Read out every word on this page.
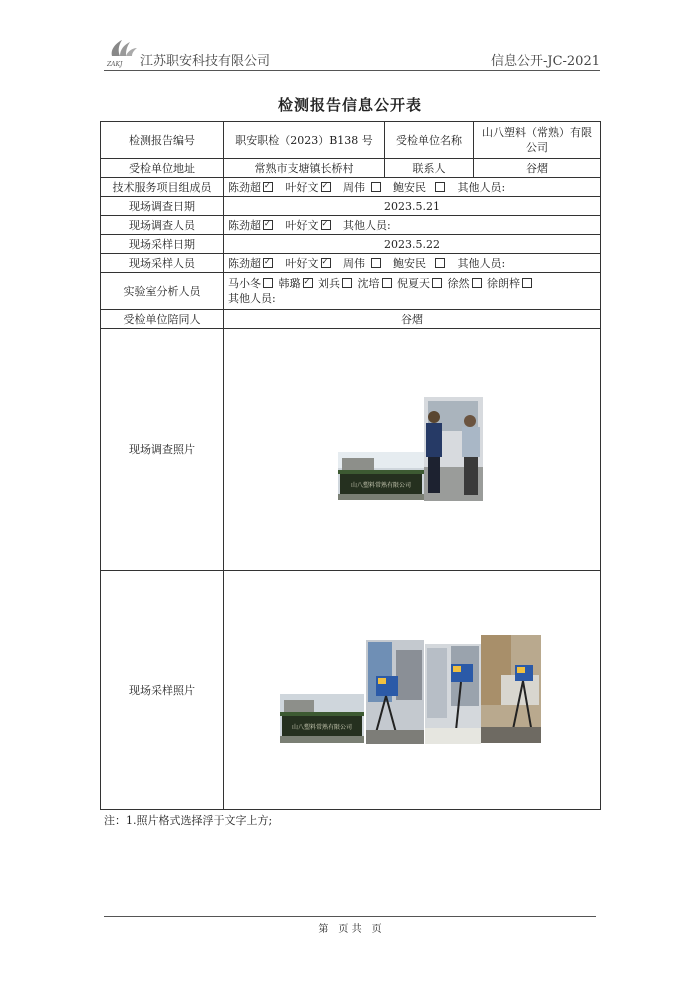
ZAKJ 江苏职安科技有限公司	信息公开-JC-2021
检测报告信息公开表
检测报告编号	职安职检（2023）B138 号	受检单位名称	山八塑料（常熟）有限公司
受检单位地址	常熟市支塘镇长桥村	联系人	谷熠
技术服务项目组成员	陈劲超 ✓ 叶好文 ✓ 周伟 鲍安民 其他人员:
现场调查日期	2023.5.21		
现场调查人员	陈劲超 ✓ 叶好文 ✓ 其他人员:
现场采样日期	2023.5.22		
现场采样人员	陈劲超 ✓ 叶好文 ✓ 周伟 鲍安民 其他人员:
实验室分析人员	马小冬 韩璐 ✓ 刘兵 沈培 倪夏天 徐然 徐朗梓
其他人员:
受检单位陪同人	谷熠		
现场调查照片			
现场采样照片			
山八塑料常熟有限公司
山八塑料常熟有限公司
注：1.照片格式选择浮于文字上方;
第　页 共　页
